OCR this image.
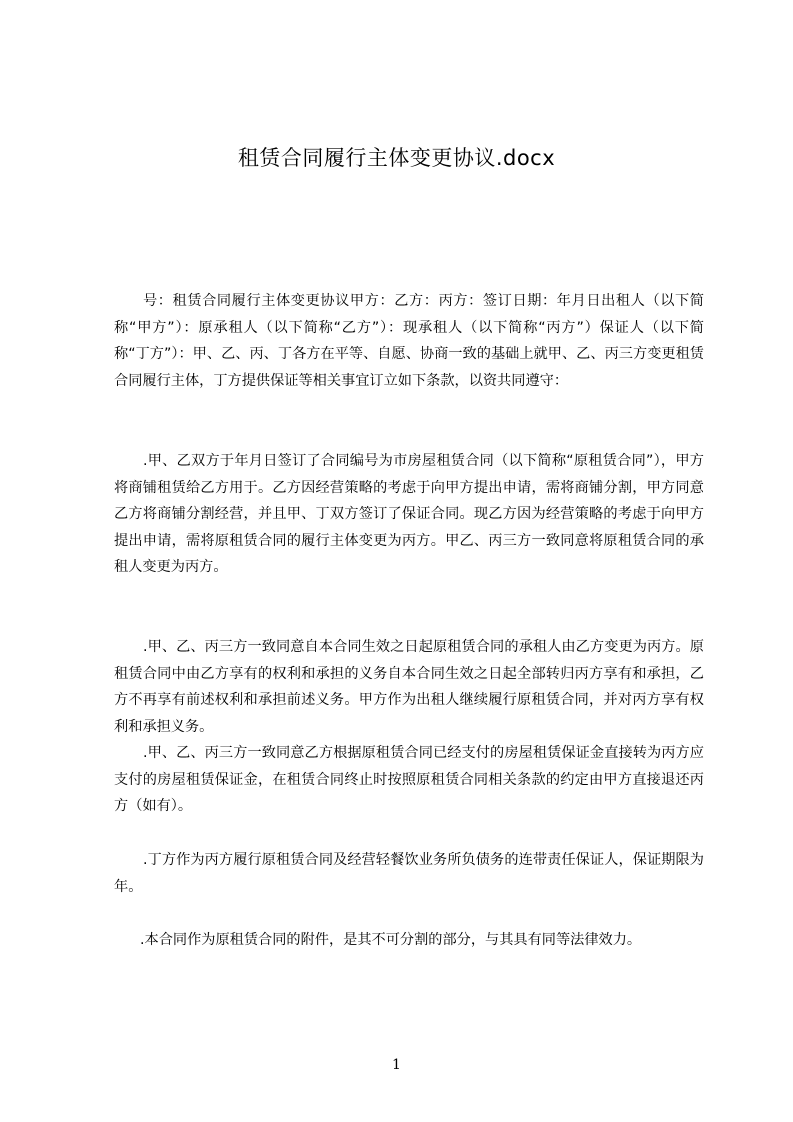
租赁合同履行主体变更协议.docx
号：租赁合同履行主体变更协议甲方：乙方：丙方：签订日期：年月日出租人（以下简称“甲方”）：原承租人（以下简称“乙方”）：现承租人（以下简称“丙方”）保证人（以下简称“丁方”）：甲、乙、丙、丁各方在平等、自愿、协商一致的基础上就甲、乙、丙三方变更租赁合同履行主体，丁方提供保证等相关事宜订立如下条款，以资共同遵守：
.甲、乙双方于年月日签订了合同编号为市房屋租赁合同（以下简称“原租赁合同”），甲方将商铺租赁给乙方用于。乙方因经营策略的考虑于向甲方提出申请，需将商铺分割，甲方同意乙方将商铺分割经营，并且甲、丁双方签订了保证合同。现乙方因为经营策略的考虑于向甲方提出申请，需将原租赁合同的履行主体变更为丙方。甲乙、丙三方一致同意将原租赁合同的承租人变更为丙方。
.甲、乙、丙三方一致同意自本合同生效之日起原租赁合同的承租人由乙方变更为丙方。原租赁合同中由乙方享有的权利和承担的义务自本合同生效之日起全部转归丙方享有和承担，乙方不再享有前述权利和承担前述义务。甲方作为出租人继续履行原租赁合同，并对丙方享有权利和承担义务。
.甲、乙、丙三方一致同意乙方根据原租赁合同已经支付的房屋租赁保证金直接转为丙方应支付的房屋租赁保证金，在租赁合同终止时按照原租赁合同相关条款的约定由甲方直接退还丙方（如有）。
.丁方作为丙方履行原租赁合同及经营轻餐饮业务所负债务的连带责任保证人，保证期限为年。
.本合同作为原租赁合同的附件，是其不可分割的部分，与其具有同等法律效力。
1
